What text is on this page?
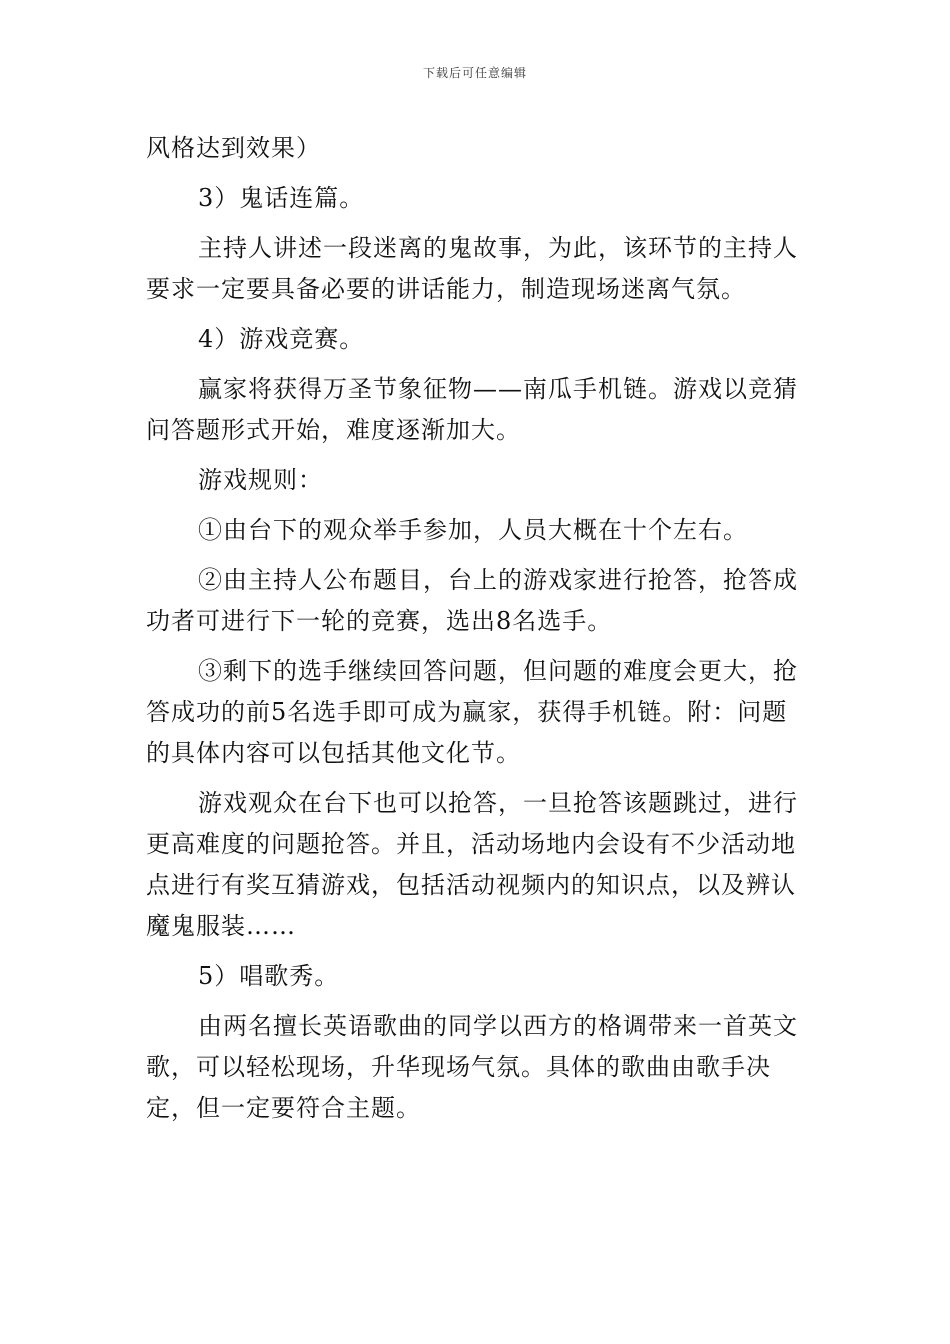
下载后可任意编辑

风格达到效果）

3）鬼话连篇。

主持人讲述一段迷离的鬼故事，为此，该环节的主持人要求一定要具备必要的讲话能力，制造现场迷离气氛。

4）游戏竞赛。

赢家将获得万圣节象征物——南瓜手机链。游戏以竞猜问答题形式开始，难度逐渐加大。

游戏规则：

①由台下的观众举手参加，人员大概在十个左右。

②由主持人公布题目，台上的游戏家进行抢答，抢答成功者可进行下一轮的竞赛，选出8名选手。

③剩下的选手继续回答问题，但问题的难度会更大，抢答成功的前5名选手即可成为赢家，获得手机链。附：问题的具体内容可以包括其他文化节。

游戏观众在台下也可以抢答，一旦抢答该题跳过，进行更高难度的问题抢答。并且，活动场地内会设有不少活动地点进行有奖互猜游戏，包括活动视频内的知识点，以及辨认魔鬼服装……

5）唱歌秀。

由两名擅长英语歌曲的同学以西方的格调带来一首英文歌，可以轻松现场，升华现场气氛。具体的歌曲由歌手决定，但一定要符合主题。
